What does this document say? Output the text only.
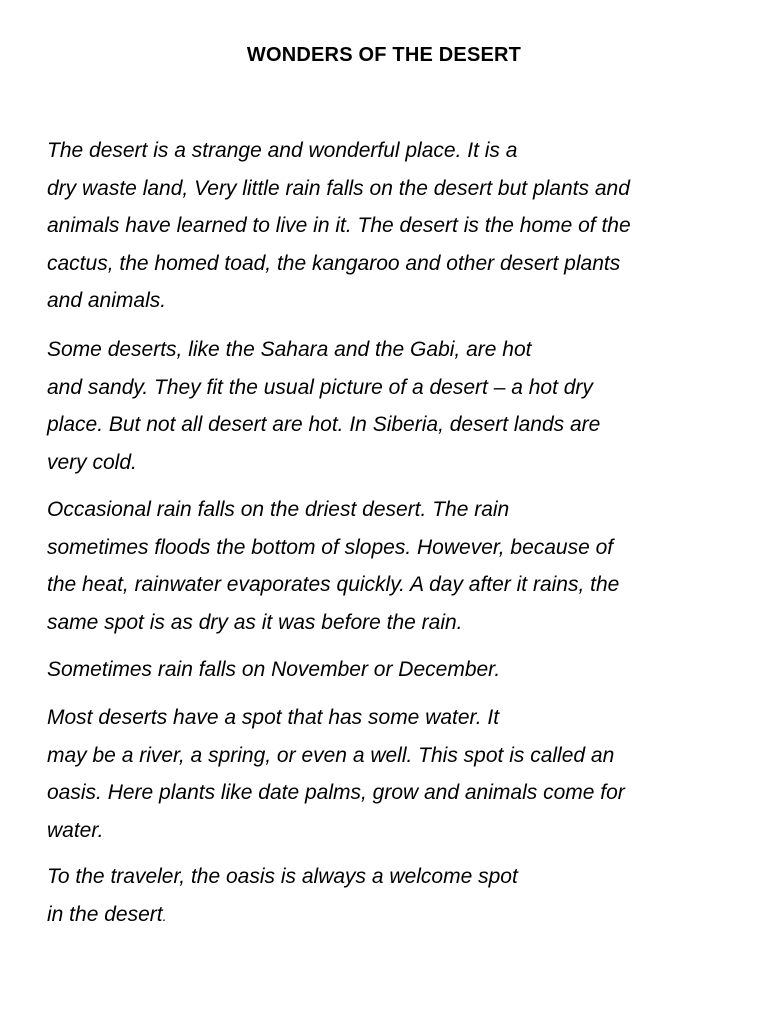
WONDERS OF THE DESERT

The desert is a strange and wonderful place. It is a
dry waste land, Very little rain falls on the desert but plants and
animals have learned to live in it. The desert is the home of the
cactus, the homed toad, the kangaroo and other desert plants
and animals.

Some deserts, like the Sahara and the Gabi, are hot
and sandy. They fit the usual picture of a desert – a hot dry
place. But not all desert are hot. In Siberia, desert lands are
very cold.

Occasional rain falls on the driest desert. The rain
sometimes floods the bottom of slopes. However, because of
the heat, rainwater evaporates quickly. A day after it rains, the
same spot is as dry as it was before the rain.

Sometimes rain falls on November or December.

Most deserts have a spot that has some water. It
may be a river, a spring, or even a well. This spot is called an
oasis. Here plants like date palms, grow and animals come for
water.

To the traveler, the oasis is always a welcome spot
in the desert.
